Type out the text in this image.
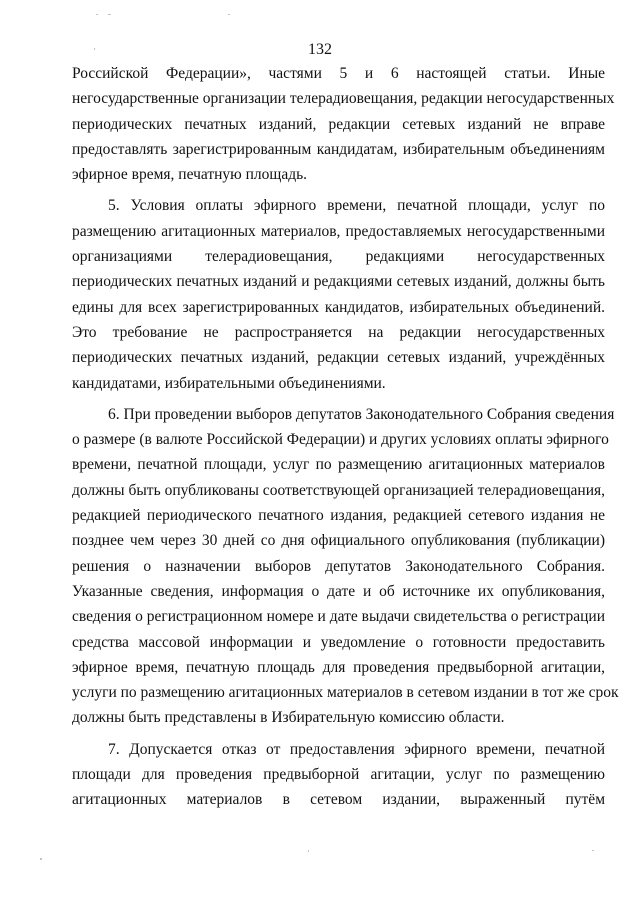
132
Российской Федерации», частями 5 и 6 настоящей статьи. Иные
негосударственные организации телерадиовещания, редакции негосударственных
периодических печатных изданий, редакции сетевых изданий не вправе
предоставлять зарегистрированным кандидатам, избирательным объединениям
эфирное время, печатную площадь.
5. Условия оплаты эфирного времени, печатной площади, услуг по
размещению агитационных материалов, предоставляемых негосударственными
организациями телерадиовещания, редакциями негосударственных
периодических печатных изданий и редакциями сетевых изданий, должны быть
едины для всех зарегистрированных кандидатов, избирательных объединений.
Это требование не распространяется на редакции негосударственных
периодических печатных изданий, редакции сетевых изданий, учреждённых
кандидатами, избирательными объединениями.
6. При проведении выборов депутатов Законодательного Собрания сведения
о размере (в валюте Российской Федерации) и других условиях оплаты эфирного
времени, печатной площади, услуг по размещению агитационных материалов
должны быть опубликованы соответствующей организацией телерадиовещания,
редакцией периодического печатного издания, редакцией сетевого издания не
позднее чем через 30 дней со дня официального опубликования (публикации)
решения о назначении выборов депутатов Законодательного Собрания.
Указанные сведения, информация о дате и об источнике их опубликования,
сведения о регистрационном номере и дате выдачи свидетельства о регистрации
средства массовой информации и уведомление о готовности предоставить
эфирное время, печатную площадь для проведения предвыборной агитации,
услуги по размещению агитационных материалов в сетевом издании в тот же срок
должны быть представлены в Избирательную комиссию области.
7. Допускается отказ от предоставления эфирного времени, печатной
площади для проведения предвыборной агитации, услуг по размещению
агитационных материалов в сетевом издании, выраженный путём
